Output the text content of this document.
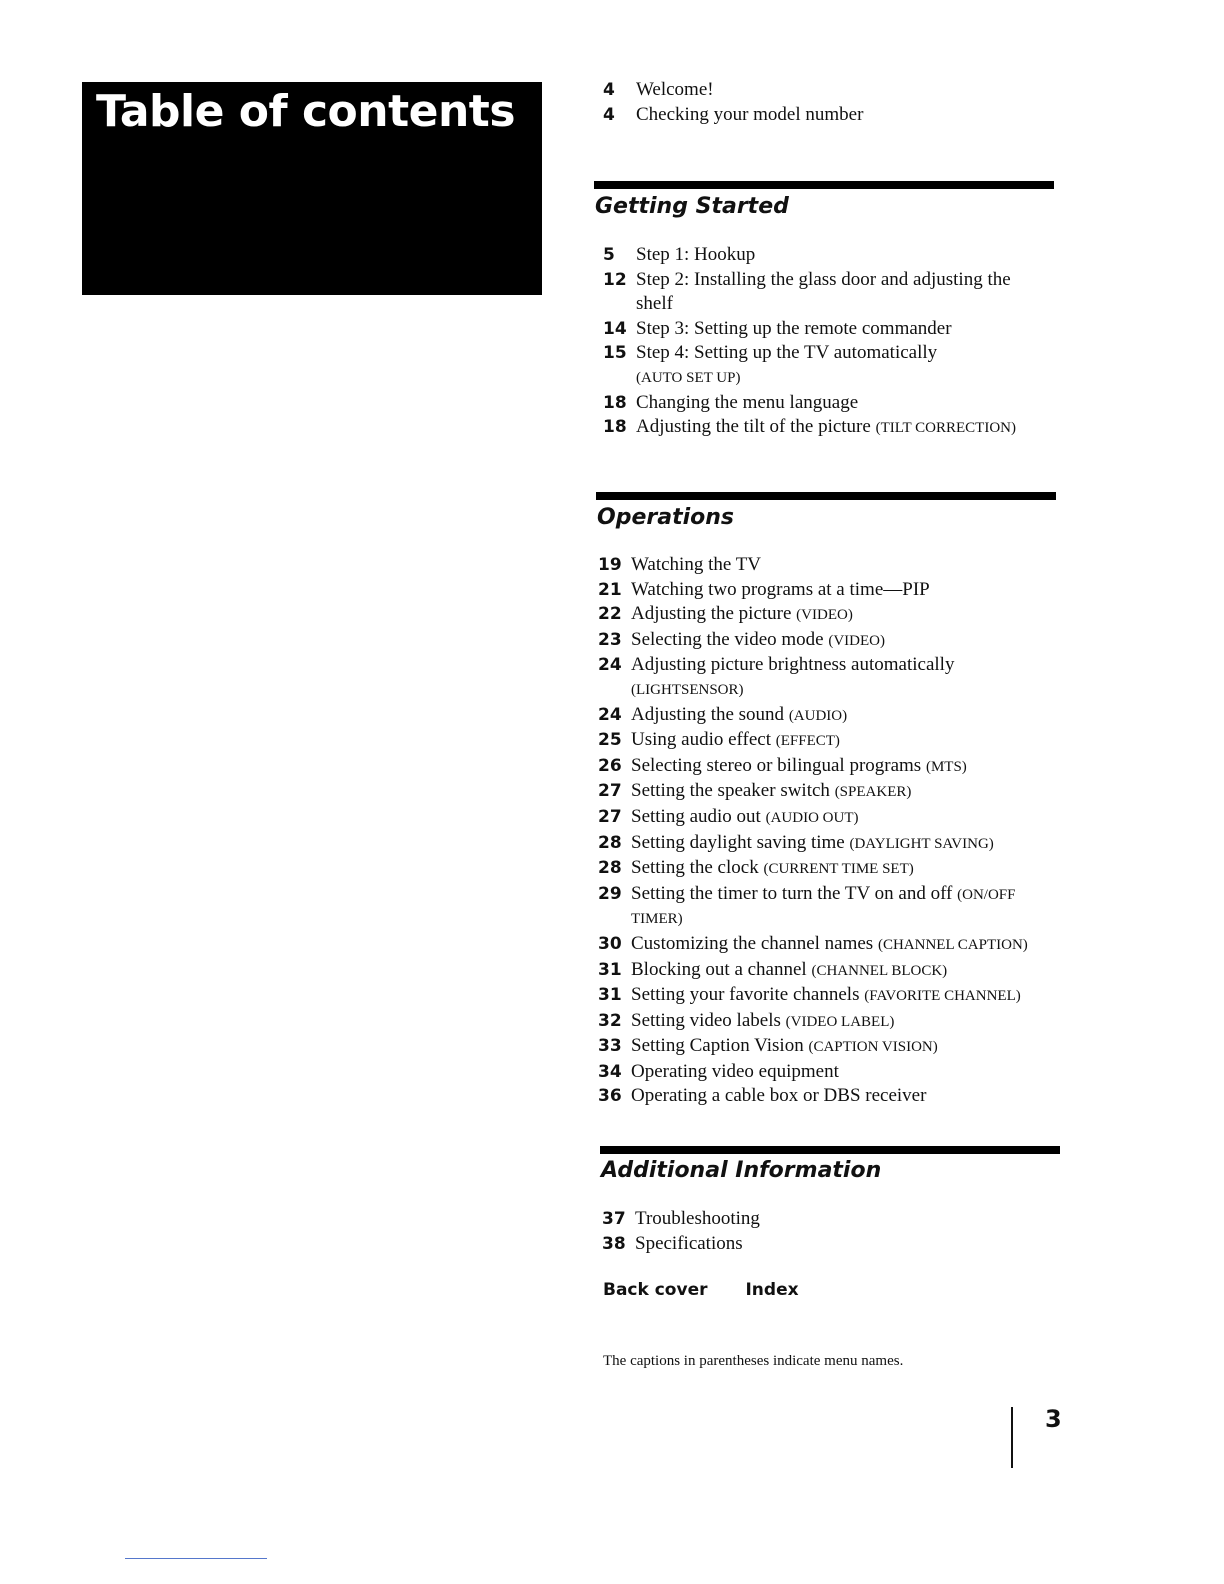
Table of contents	4 Welcome!
4 Checking your model number
Getting Started
5 Step 1: Hookup
12 Step 2: Installing the glass door and adjusting the
shelf
14 Step 3: Setting up the remote commander
15 Step 4: Setting up the TV automatically
(AUTO SET UP)
18 Changing the menu language
18 Adjusting the tilt of the picture (TILT CORRECTION)
Operations
19 Watching the TV
21 Watching two programs at a time—PIP
22 Adjusting the picture (VIDEO)
23 Selecting the video mode (VIDEO)
24 Adjusting picture brightness automatically
(LIGHTSENSOR)
24 Adjusting the sound (AUDIO)
25 Using audio effect (EFFECT)
26 Selecting stereo or bilingual programs (MTS)
27 Setting the speaker switch (SPEAKER)
27 Setting audio out (AUDIO OUT)
28 Setting daylight saving time (DAYLIGHT SAVING)
28 Setting the clock (CURRENT TIME SET)
29 Setting the timer to turn the TV on and off (ON/OFF
TIMER)
30 Customizing the channel names (CHANNEL CAPTION)
31 Blocking out a channel (CHANNEL BLOCK)
31 Setting your favorite channels (FAVORITE CHANNEL)
32 Setting video labels (VIDEO LABEL)
33 Setting Caption Vision (CAPTION VISION)
34 Operating video equipment
36 Operating a cable box or DBS receiver
Additional Information
37 Troubleshooting
38 Specifications
Back cover Index
The captions in parentheses indicate menu names.
3
